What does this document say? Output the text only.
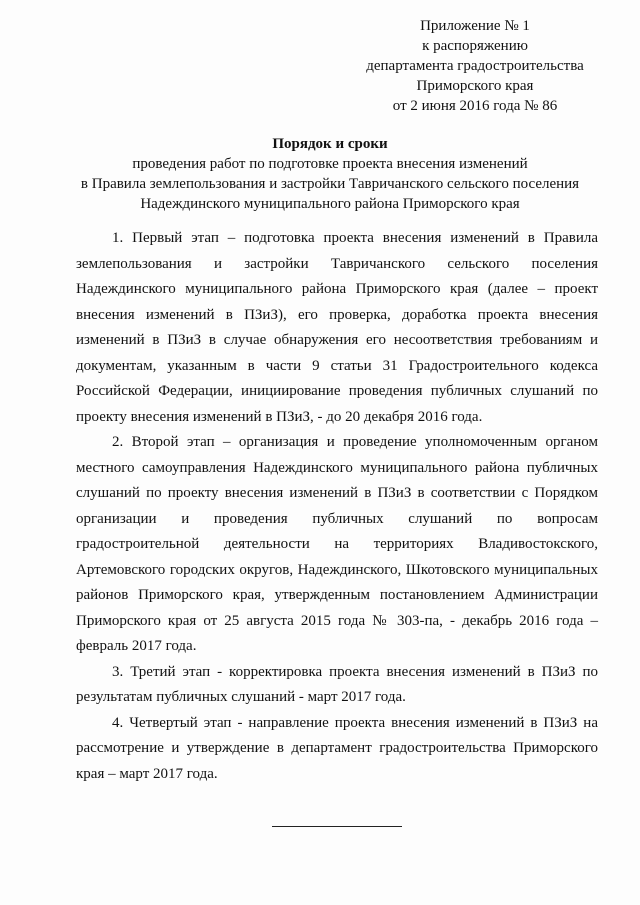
Приложение № 1
к распоряжению
департамента градостроительства
Приморского края
от 2 июня 2016 года № 86
Порядок и сроки
проведения работ по подготовке проекта внесения изменений
в Правила землепользования и застройки Тавричанского сельского поселения
Надеждинского муниципального района Приморского края

1. Первый этап – подготовка проекта внесения изменений в Правила землепользования и застройки Тавричанского сельского поселения Надеждинского муниципального района Приморского края (далее – проект внесения изменений в ПЗиЗ), его проверка, доработка проекта внесения изменений в ПЗиЗ в случае обнаружения его несоответствия требованиям и документам, указанным в части 9 статьи 31 Градостроительного кодекса Российской Федерации, инициирование проведения публичных слушаний по проекту внесения изменений в ПЗиЗ, - до 20 декабря 2016 года.

2. Второй этап – организация и проведение уполномоченным органом местного самоуправления Надеждинского муниципального района публичных слушаний по проекту внесения изменений в ПЗиЗ в соответствии с Порядком организации и проведения публичных слушаний по вопросам градостроительной деятельности на территориях Владивостокского, Артемовского городских округов, Надеждинского, Шкотовского муниципальных районов Приморского края, утвержденным постановлением Администрации Приморского края от 25 августа 2015 года № 303-па, - декабрь 2016 года – февраль 2017 года.

3. Третий этап - корректировка проекта внесения изменений в ПЗиЗ по результатам публичных слушаний - март 2017 года.

4. Четвертый этап - направление проекта внесения изменений в ПЗиЗ на рассмотрение и утверждение в департамент градостроительства Приморского края – март 2017 года.
